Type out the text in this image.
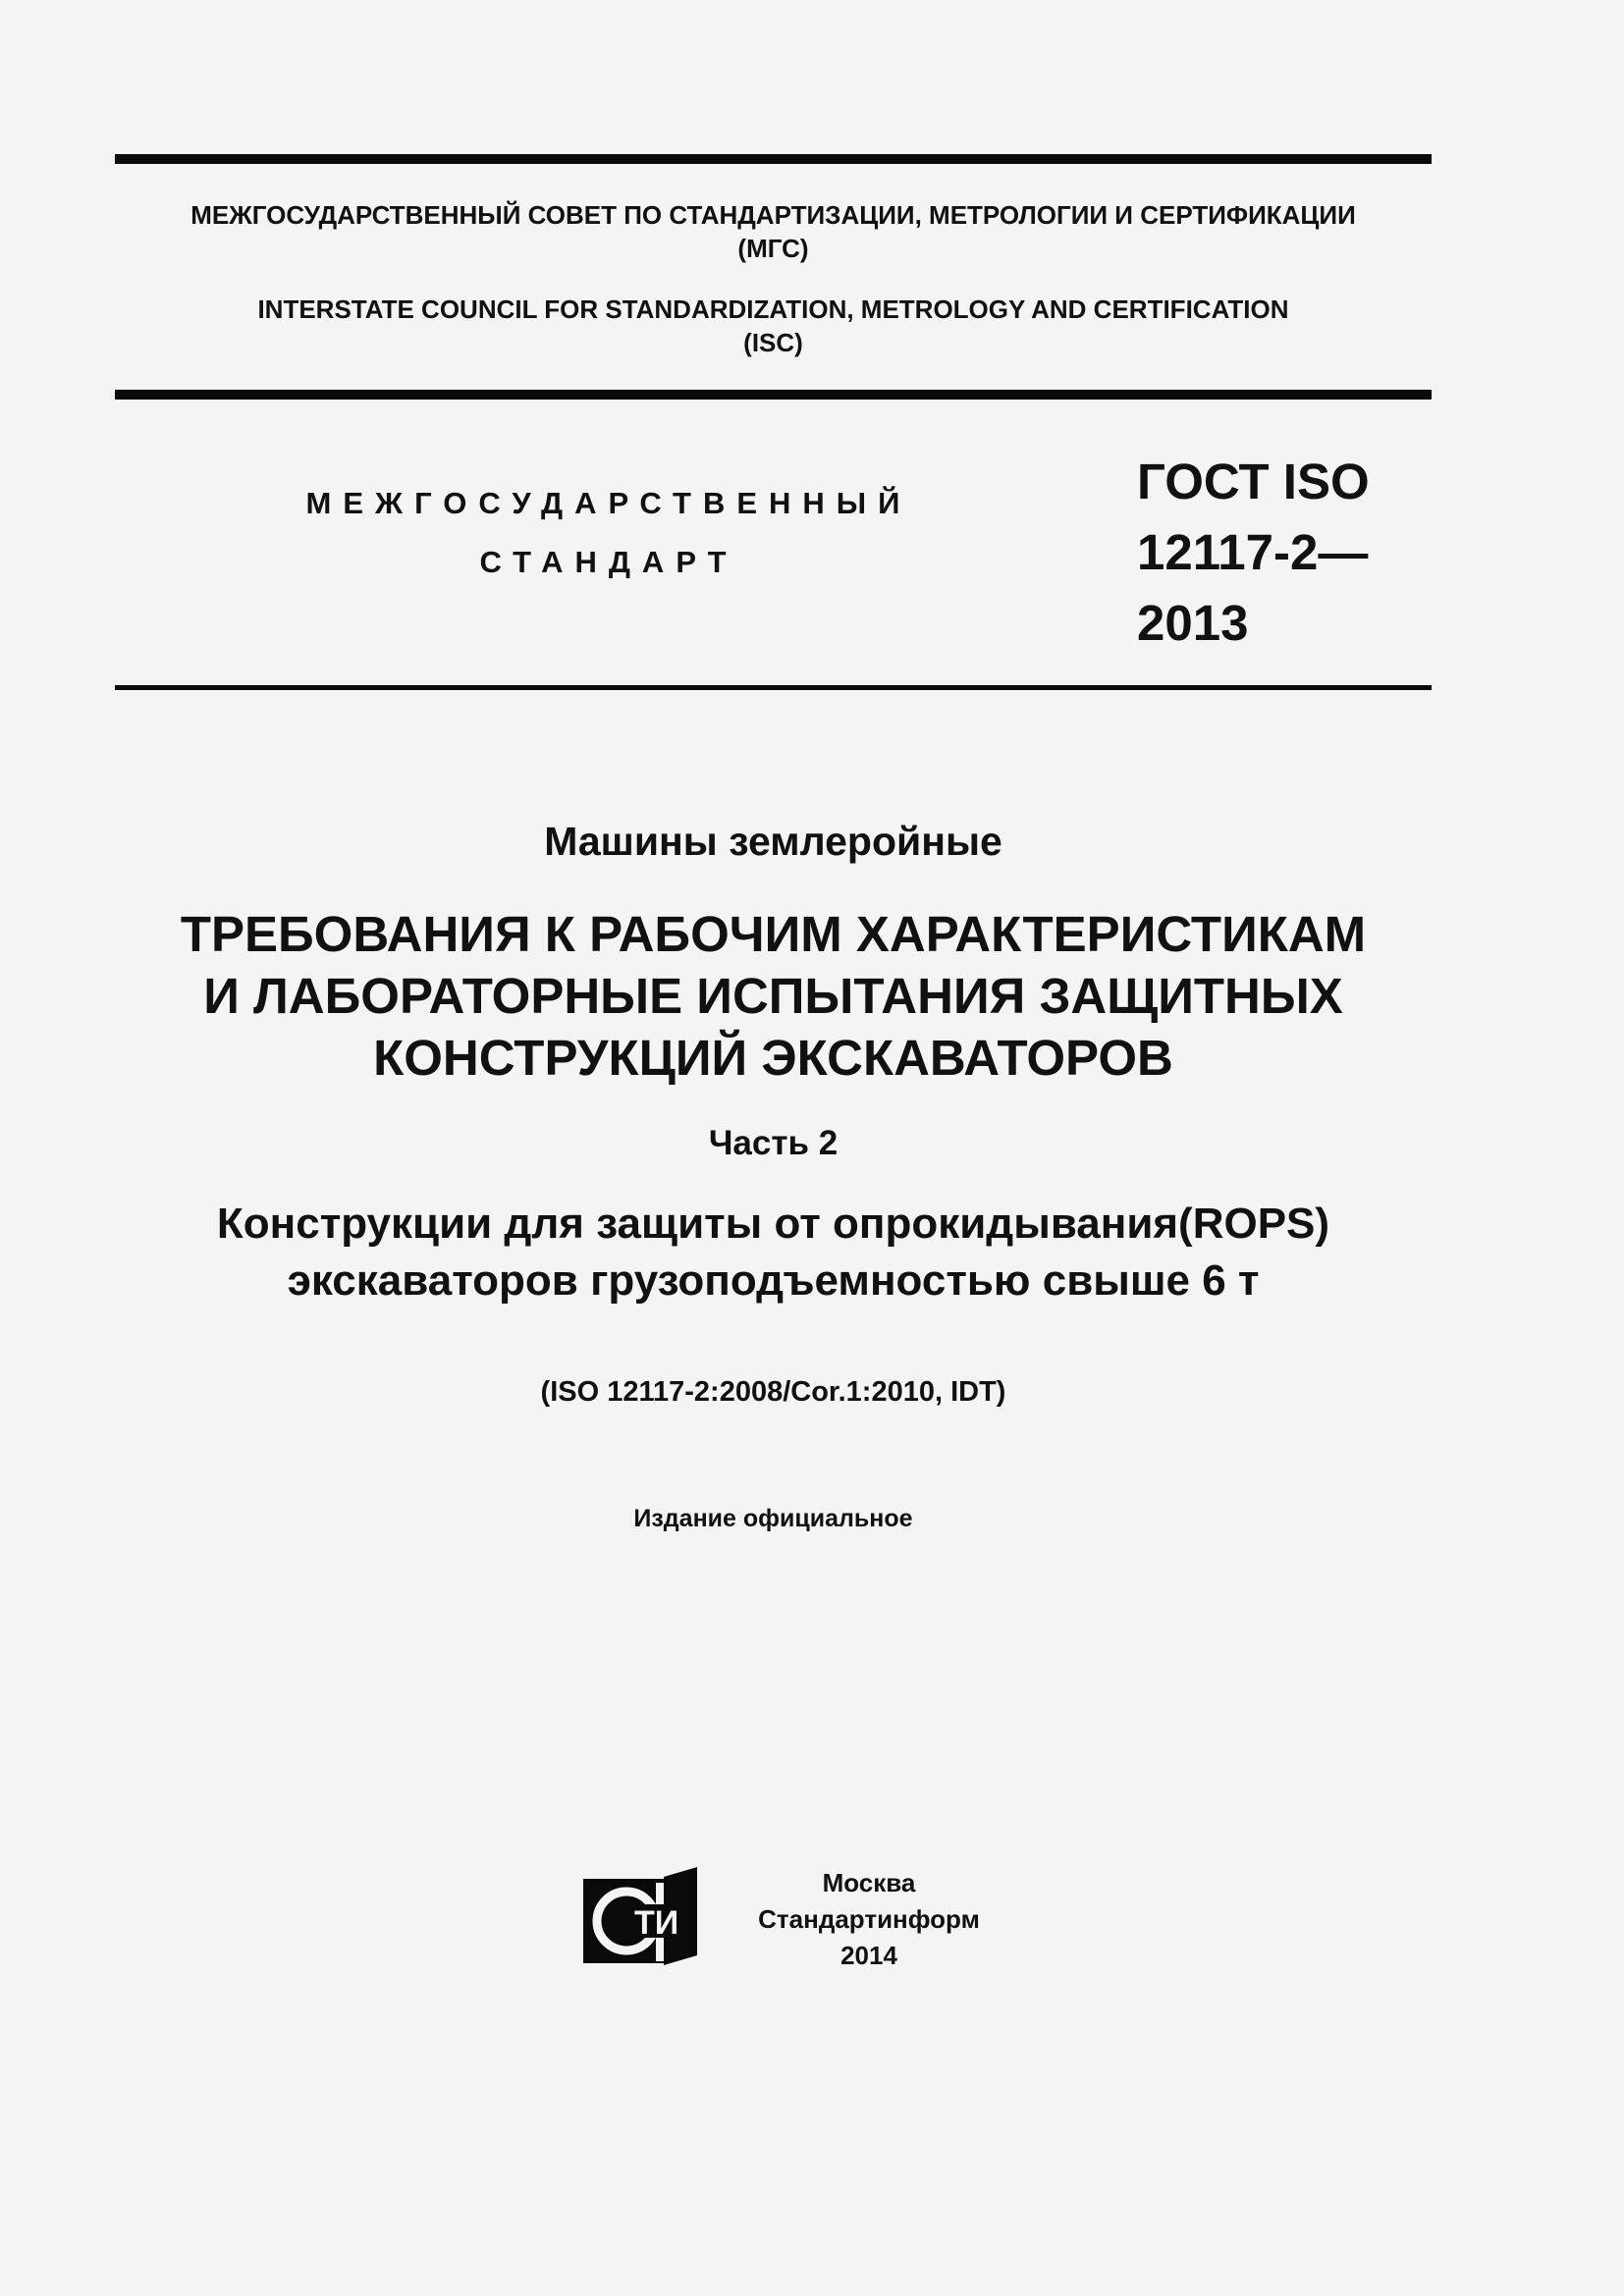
МЕЖГОСУДАРСТВЕННЫЙ СОВЕТ ПО СТАНДАРТИЗАЦИИ, МЕТРОЛОГИИ И СЕРТИФИКАЦИИ
(МГС)
INTERSTATE COUNCIL FOR STANDARDIZATION, METROLOGY AND CERTIFICATION
(ISC)
МЕЖГОСУДАРСТВЕННЫЙ
СТАНДАРТ
ГОСТ ISO
12117-2—
2013
Машины землеройные
ТРЕБОВАНИЯ К РАБОЧИМ ХАРАКТЕРИСТИКАМ
И ЛАБОРАТОРНЫЕ ИСПЫТАНИЯ ЗАЩИТНЫХ
КОНСТРУКЦИЙ ЭКСКАВАТОРОВ
Часть 2
Конструкции для защиты от опрокидывания(ROPS)
экскаваторов грузоподъемностью свыше 6 т
(ISO 12117-2:2008/Cor.1:2010, IDT)
Издание официальное
ТИ
Москва
Стандартинформ
2014
